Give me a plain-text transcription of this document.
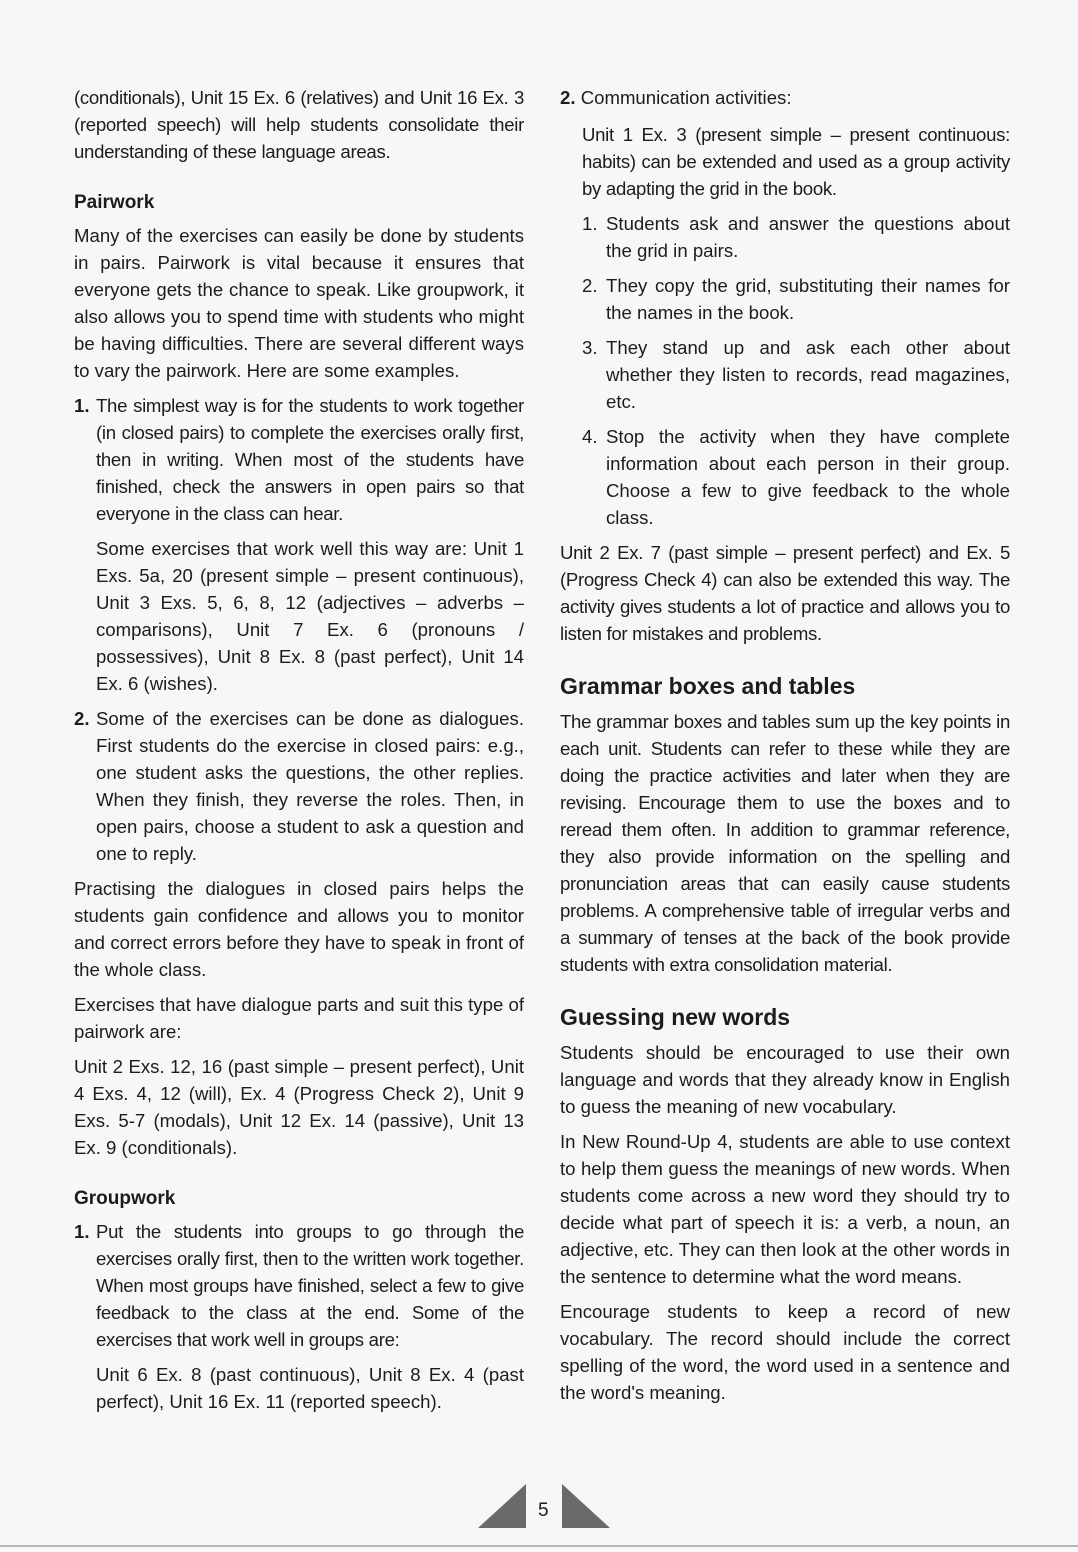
(conditionals), Unit 15 Ex. 6 (relatives) and Unit 16 Ex. 3 (reported speech) will help students consolidate their understanding of these language areas.

Pairwork

Many of the exercises can easily be done by students in pairs. Pairwork is vital because it ensures that everyone gets the chance to speak. Like groupwork, it also allows you to spend time with students who might be having difficulties. There are several different ways to vary the pairwork. Here are some examples.

1. The simplest way is for the students to work together (in closed pairs) to complete the exercises orally first, then in writing. When most of the students have finished, check the answers in open pairs so that everyone in the class can hear.
Some exercises that work well this way are: Unit 1 Exs. 5a, 20 (present simple – present continuous), Unit 3 Exs. 5, 6, 8, 12 (adjectives – adverbs – comparisons), Unit 7 Ex. 6 (pronouns / possessives), Unit 8 Ex. 8 (past perfect), Unit 14 Ex. 6 (wishes).
2. Some of the exercises can be done as dialogues. First students do the exercise in closed pairs: e.g., one student asks the questions, the other replies. When they finish, they reverse the roles. Then, in open pairs, choose a student to ask a question and one to reply.

Practising the dialogues in closed pairs helps the students gain confidence and allows you to monitor and correct errors before they have to speak in front of the whole class.

Exercises that have dialogue parts and suit this type of pairwork are:

Unit 2 Exs. 12, 16 (past simple – present perfect), Unit 4 Exs. 4, 12 (will), Ex. 4 (Progress Check 2), Unit 9 Exs. 5-7 (modals), Unit 12 Ex. 14 (passive), Unit 13 Ex. 9 (conditionals).

Groupwork
1. Put the students into groups to go through the exercises orally first, then to the written work together. When most groups have finished, select a few to give feedback to the class at the end. Some of the exercises that work well in groups are:
Unit 6 Ex. 8 (past continuous), Unit 8 Ex. 4 (past perfect), Unit 16 Ex. 11 (reported speech).

2. Communication activities:

Unit 1 Ex. 3 (present simple – present continuous: habits) can be extended and used as a group activity by adapting the grid in the book.

1. Students ask and answer the questions about the grid in pairs.
2. They copy the grid, substituting their names for the names in the book.
3. They stand up and ask each other about whether they listen to records, read magazines, etc.
4. Stop the activity when they have complete information about each person in their group. Choose a few to give feedback to the whole class.

Unit 2 Ex. 7 (past simple – present perfect) and Ex. 5 (Progress Check 4) can also be extended this way. The activity gives students a lot of practice and allows you to listen for mistakes and problems.

Grammar boxes and tables

The grammar boxes and tables sum up the key points in each unit. Students can refer to these while they are doing the practice activities and later when they are revising. Encourage them to use the boxes and to reread them often. In addition to grammar reference, they also provide information on the spelling and pronunciation areas that can easily cause students problems. A comprehensive table of irregular verbs and a summary of tenses at the back of the book provide students with extra consolidation material.

Guessing new words

Students should be encouraged to use their own language and words that they already know in English to guess the meaning of new vocabulary.

In New Round-Up 4, students are able to use context to help them guess the meanings of new words. When students come across a new word they should try to decide what part of speech it is: a verb, a noun, an adjective, etc. They can then look at the other words in the sentence to determine what the word means.

Encourage students to keep a record of new vocabulary. The record should include the correct spelling of the word, the word used in a sentence and the word's meaning.

5
